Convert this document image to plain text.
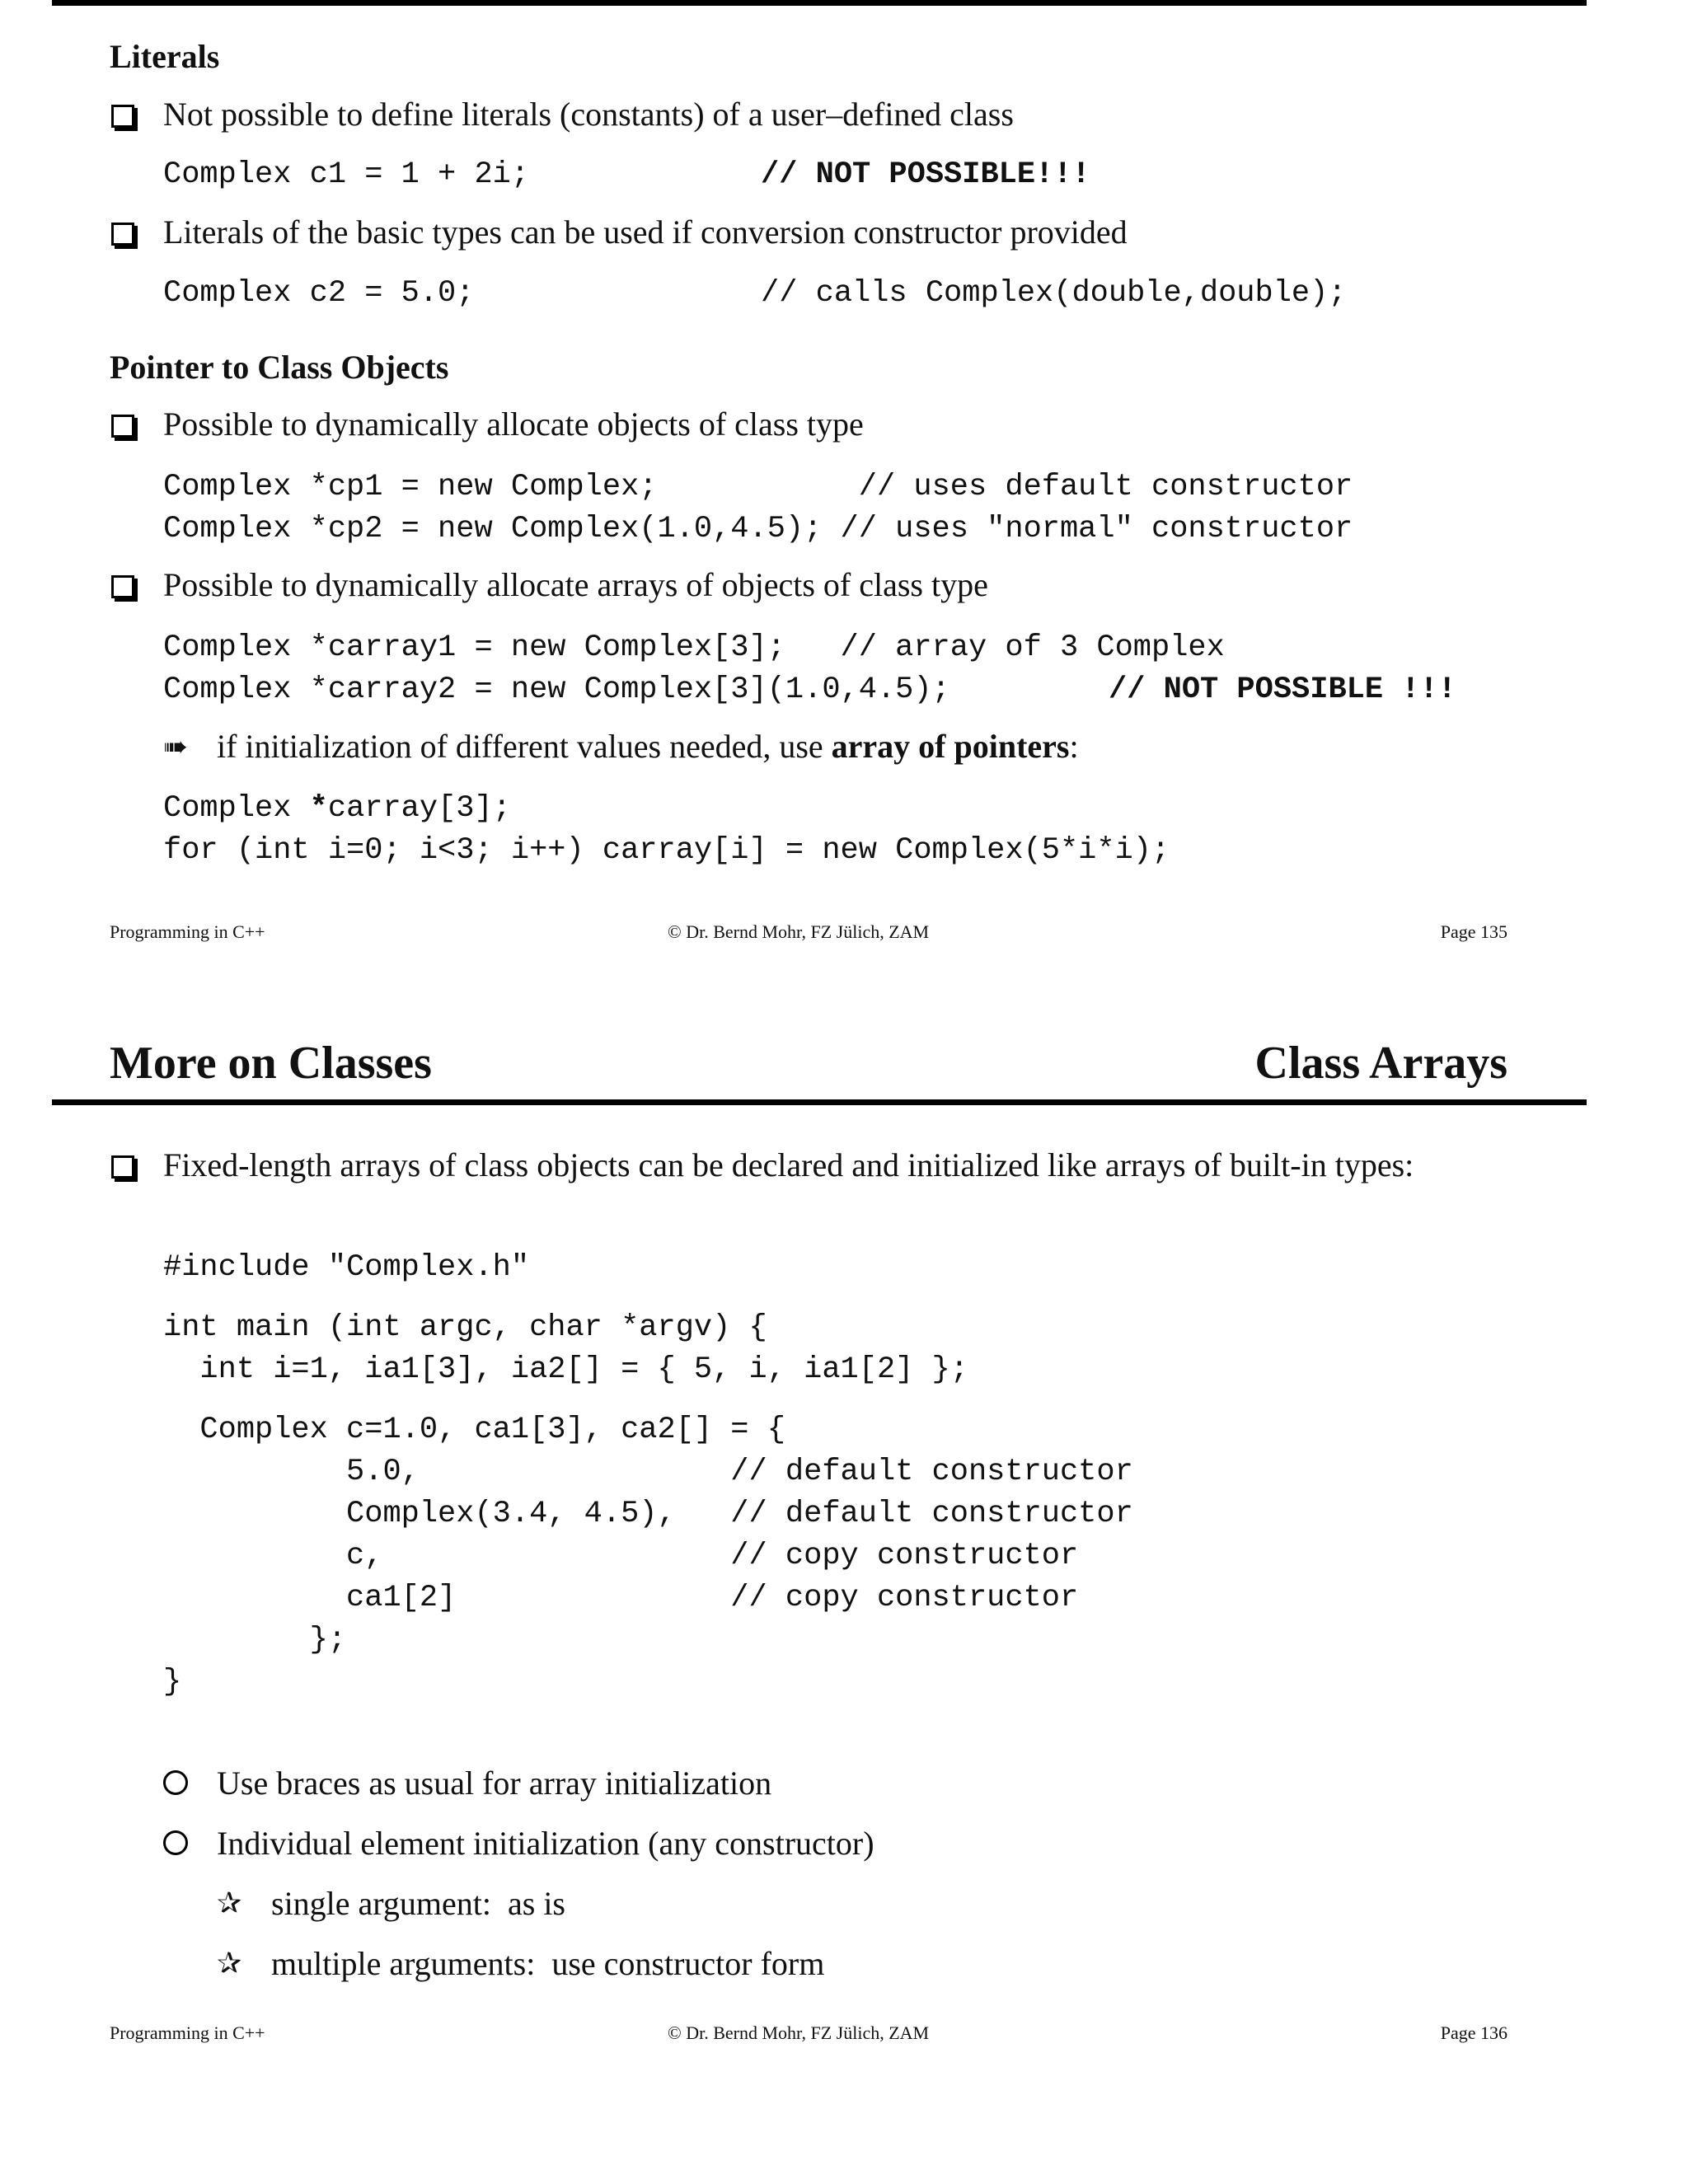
Literals
Not possible to define literals (constants) of a user–defined class
Complex c1 = 1 + 2i;	// NOT POSSIBLE!!!
Literals of the basic types can be used if conversion constructor provided
Complex c2 = 5.0;	// calls Complex(double,double);
Pointer to Class Objects
Possible to dynamically allocate objects of class type
Complex *cp1 = new Complex;           // uses default constructor
Complex *cp2 = new Complex(1.0,4.5); // uses "normal" constructor
Possible to dynamically allocate arrays of objects of class type
Complex *carray1 = new Complex[3];   // array of 3 Complex
Complex *carray2 = new Complex[3](1.0,4.5);	// NOT POSSIBLE !!!
➠ if initialization of different values needed, use array of pointers:
Complex *carray[3];
for (int i=0; i<3; i++) carray[i] = new Complex(5*i*i);
Programming in C++	© Dr. Bernd Mohr, FZ Jülich, ZAM	Page 135
More on Classes	Class Arrays
Fixed-length arrays of class objects can be declared and initialized like arrays of built-in types:
#include "Complex.h"
int main (int argc, char *argv) {
int i=1, ia1[3], ia2[] = { 5, i, ia1[2] };
Complex c=1.0, ca1[3], ca2[] = {
5.0,                 // default constructor
Complex(3.4, 4.5),   // default constructor
c,                   // copy constructor
ca1[2]               // copy constructor
};
}
Use braces as usual for array initialization
Individual element initialization (any constructor)
✰ single argument:  as is
✰ multiple arguments:  use constructor form
Programming in C++	© Dr. Bernd Mohr, FZ Jülich, ZAM	Page 136
